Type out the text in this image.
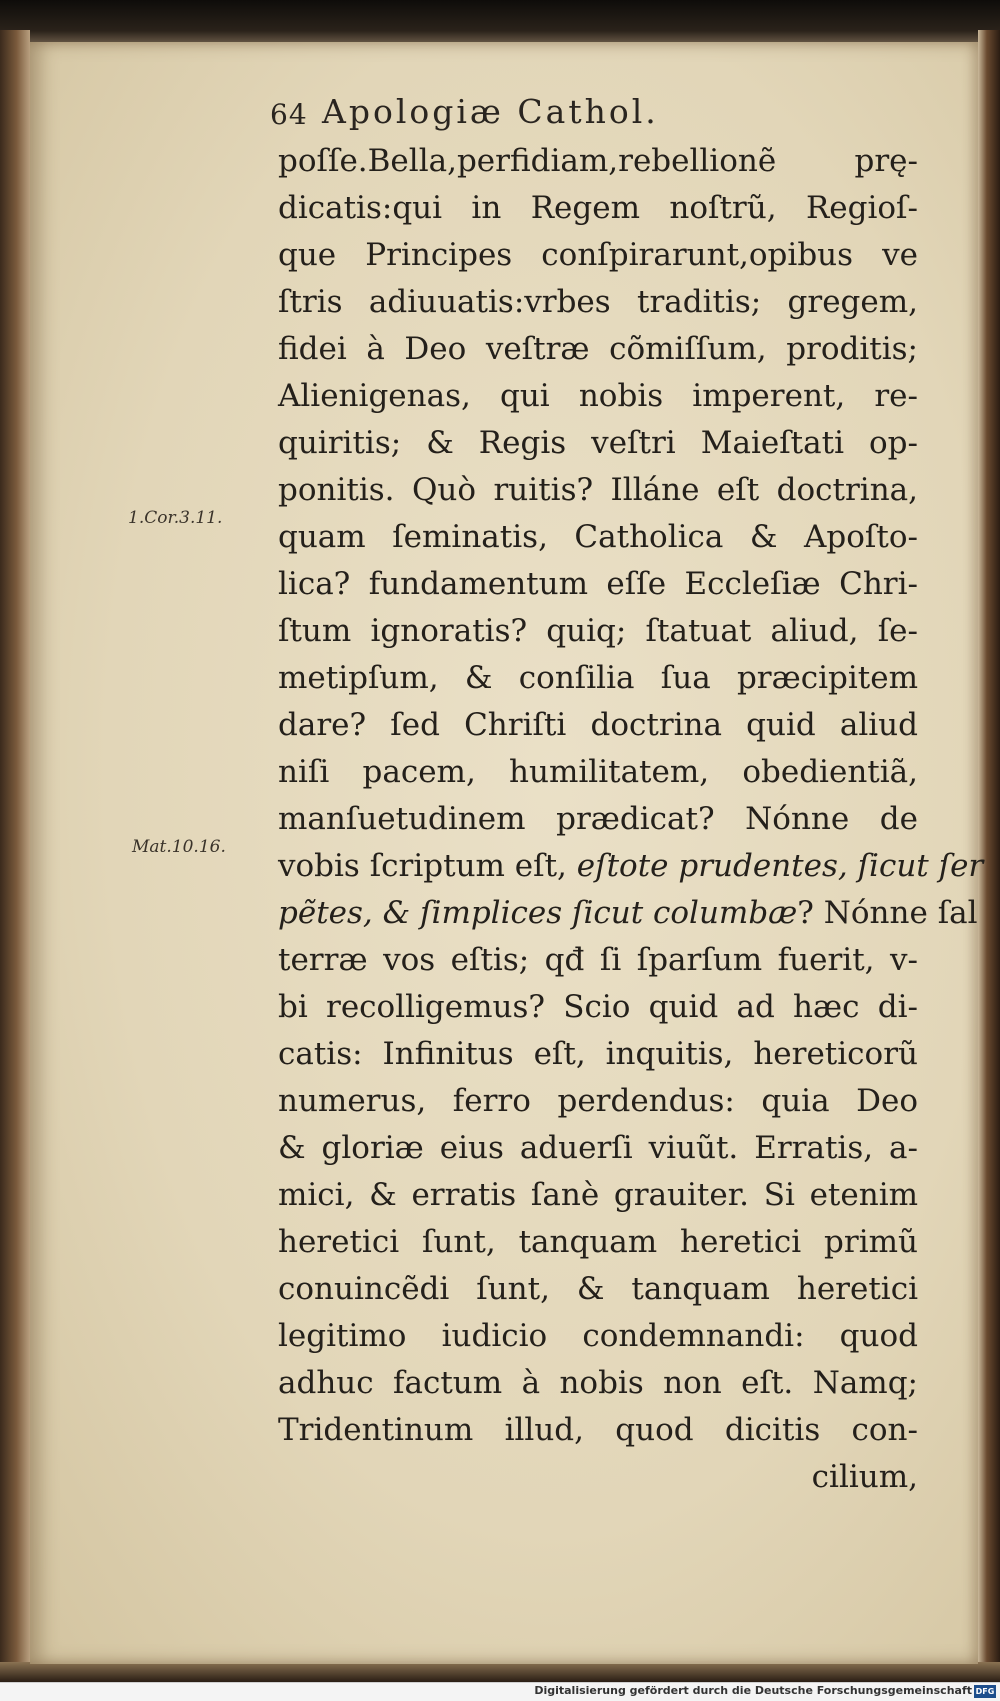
64 Apologiæ Cathol.
1.Cor.3.11.
Mat.10.16.
poſſe.Bella,perfidiam,rebellionẽ prę-
dicatis:qui in Regem noſtrũ, Regioſ-
que Principes conſpirarunt,opibus ve
ſtris adiuuatis:vrbes traditis; gregem,
fidei à Deo veſtræ cõmiſſum, proditis;
Alienigenas, qui nobis imperent, re-
quiritis; & Regis veſtri Maieſtati op-
ponitis. Quò ruitis? Illáne eſt doctrina,
quam ſeminatis, Catholica & Apoſto-
lica? fundamentum eſſe Eccleſiæ Chri-
ſtum ignoratis? quiq; ſtatuat aliud, ſe-
metipſum, & conſilia ſua præcipitem
dare? ſed Chriſti doctrina quid aliud
niſi pacem, humilitatem, obedientiã,
manſuetudinem prædicat? Nónne de
vobis ſcriptum eſt, eſtote prudentes, ſicut ſer
pẽtes, & ſimplices ſicut columbæ? Nónne ſal
terræ vos eſtis; qđ ſi ſparſum fuerit, v-
bi recolligemus? Scio quid ad hæc di-
catis: Infinitus eſt, inquitis, hereticorũ
numerus, ferro perdendus: quia Deo
& gloriæ eius aduerſi viuũt. Erratis, a-
mici, & erratis ſanè grauiter. Si etenim
heretici ſunt, tanquam heretici primũ
conuincẽdi ſunt, & tanquam heretici
legitimo iudicio condemnandi: quod
adhuc factum à nobis non eſt. Namq;
Tridentinum illud, quod dicitis con-
cilium,
Digitalisierung gefördert durch die Deutsche Forschungsgemeinschaft DFG
